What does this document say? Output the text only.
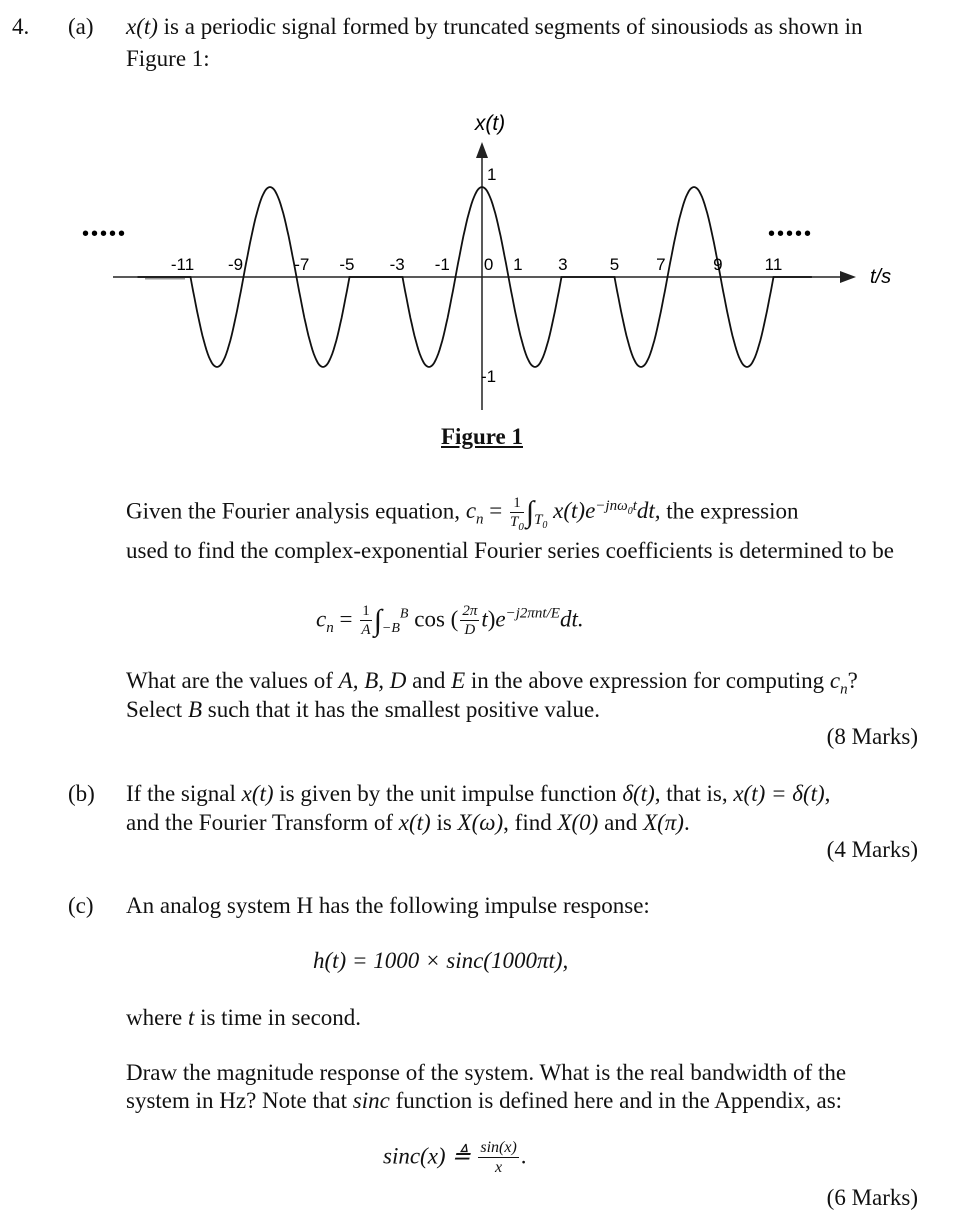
4. (a) x(t) is a periodic signal formed by truncated segments of sinousiods as shown in
Figure 1:
x(t)
t/s
1
-1
•••••	•••••
-11 -9	-7 -5 -3 -1 0 1 3 5 7	9 11
Figure 1
Given the Fourier analysis equation, $c_n = \frac{1}{T_0} \int_{T_0}$ $x(t)e^{-jn\omega_0t}dt$, the expression
used to find the complex-exponential Fourier series coefficients is determined to be
$c_n = \frac{1}{A} \int_{-B}^B$ cos ( $\frac{2\pi}{D} t)e^{-j2\pi nt/E}dt$.
What are the values of A, B, D and E in the above expression for computing $c_n$?
Select B such that it has the smallest positive value.
(8 Marks)
(b) If the signal x(t) is given by the unit impulse function δ(t), that is, x(t) = δ(t),
and the Fourier Transform of x(t) is X(ω), find X(0) and X(π).
(4 Marks)
(c) An analog system H has the following impulse response:
h(t) = 1000 × sinc(1000πt),
where t is time in second.
Draw the magnitude response of the system. What is the real bandwidth of the
system in Hz? Note that sinc function is defined here and in the Appendix, as:
sinc(x) ≜ $\frac{\sin(x)}{x}$ .
(6 Marks)
